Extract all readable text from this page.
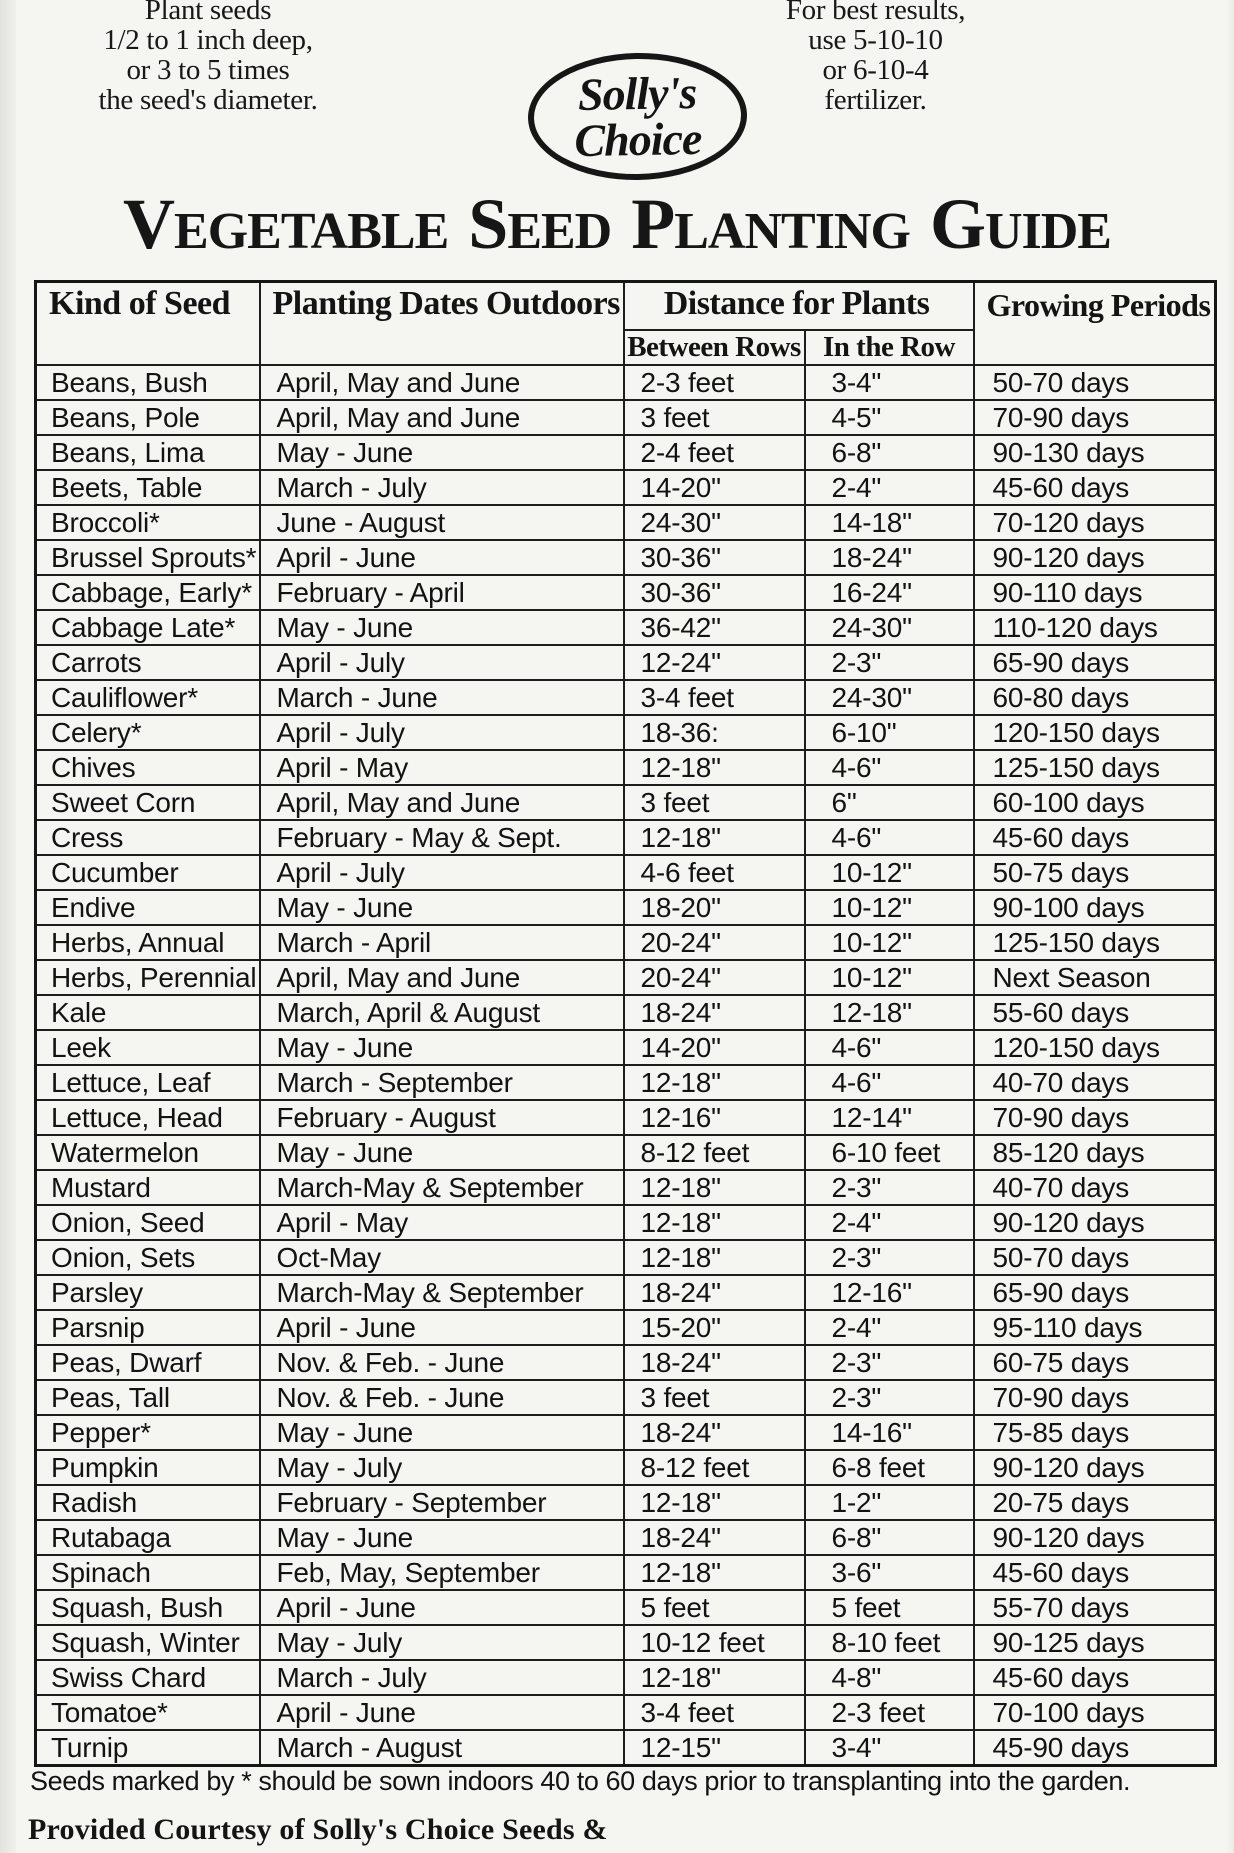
Plant seeds
1/2 to 1 inch deep,
or 3 to 5 times
the seed's diameter.	Solly's
Choice
For best results,
use 5-10-10
or 6-10-4
fertilizer.
VEGETABLE SEED PLANTING GUIDE
Kind of Seed	Planting Dates Outdoors	Distance for Plants		Growing Periods
		Between Rows	In the Row	
Beans, Bush	April, May and June	2-3 feet	3-4"	50-70 days
Beans, Pole	April, May and June	3 feet	4-5"	70-90 days
Beans, Lima	May - June	2-4 feet	6-8"	90-130 days
Beets, Table	March - July	14-20"	2-4"	45-60 days
Broccoli*	June - August	24-30"	14-18"	70-120 days
Brussel Sprouts*	April - June	30-36"	18-24"	90-120 days
Cabbage, Early*	February - April	30-36"	16-24"	90-110 days
Cabbage Late*	May - June	36-42"	24-30"	110-120 days
Carrots	April - July	12-24"	2-3"	65-90 days
Cauliflower*	March - June	3-4 feet	24-30"	60-80 days
Celery*	April - July	18-36:	6-10"	120-150 days
Chives	April - May	12-18"	4-6"	125-150 days
Sweet Corn	April, May and June	3 feet	6"	60-100 days
Cress	February - May & Sept.	12-18"	4-6"	45-60 days
Cucumber	April - July	4-6 feet	10-12"	50-75 days
Endive	May - June	18-20"	10-12"	90-100 days
Herbs, Annual	March - April	20-24"	10-12"	125-150 days
Herbs, Perennial	April, May and June	20-24"	10-12"	Next Season
Kale	March, April & August	18-24"	12-18"	55-60 days
Leek	May - June	14-20"	4-6"	120-150 days
Lettuce, Leaf	March - September	12-18"	4-6"	40-70 days
Lettuce, Head	February - August	12-16"	12-14"	70-90 days
Watermelon	May - June	8-12 feet	6-10 feet	85-120 days
Mustard	March-May & September	12-18"	2-3"	40-70 days
Onion, Seed	April - May	12-18"	2-4"	90-120 days
Onion, Sets	Oct-May	12-18"	2-3"	50-70 days
Parsley	March-May & September	18-24"	12-16"	65-90 days
Parsnip	April - June	15-20"	2-4"	95-110 days
Peas, Dwarf	Nov. & Feb. - June	18-24"	2-3"	60-75 days
Peas, Tall	Nov. & Feb. - June	3 feet	2-3"	70-90 days
Pepper*	May - June	18-24"	14-16"	75-85 days
Pumpkin	May - July	8-12 feet	6-8 feet	90-120 days
Radish	February - September	12-18"	1-2"	20-75 days
Rutabaga	May - June	18-24"	6-8"	90-120 days
Spinach	Feb, May, September	12-18"	3-6"	45-60 days
Squash, Bush	April - June	5 feet	5 feet	55-70 days
Squash, Winter	May - July	10-12 feet	8-10 feet	90-125 days
Swiss Chard	March - July	12-18"	4-8"	45-60 days
Tomatoe*	April - June	3-4 feet	2-3 feet	70-100 days
Turnip	March - August	12-15"	3-4"	45-90 days
Seeds marked by * should be sown indoors 40 to 60 days prior to transplanting into the garden.
Provided Courtesy of Solly's Choice Seeds &
